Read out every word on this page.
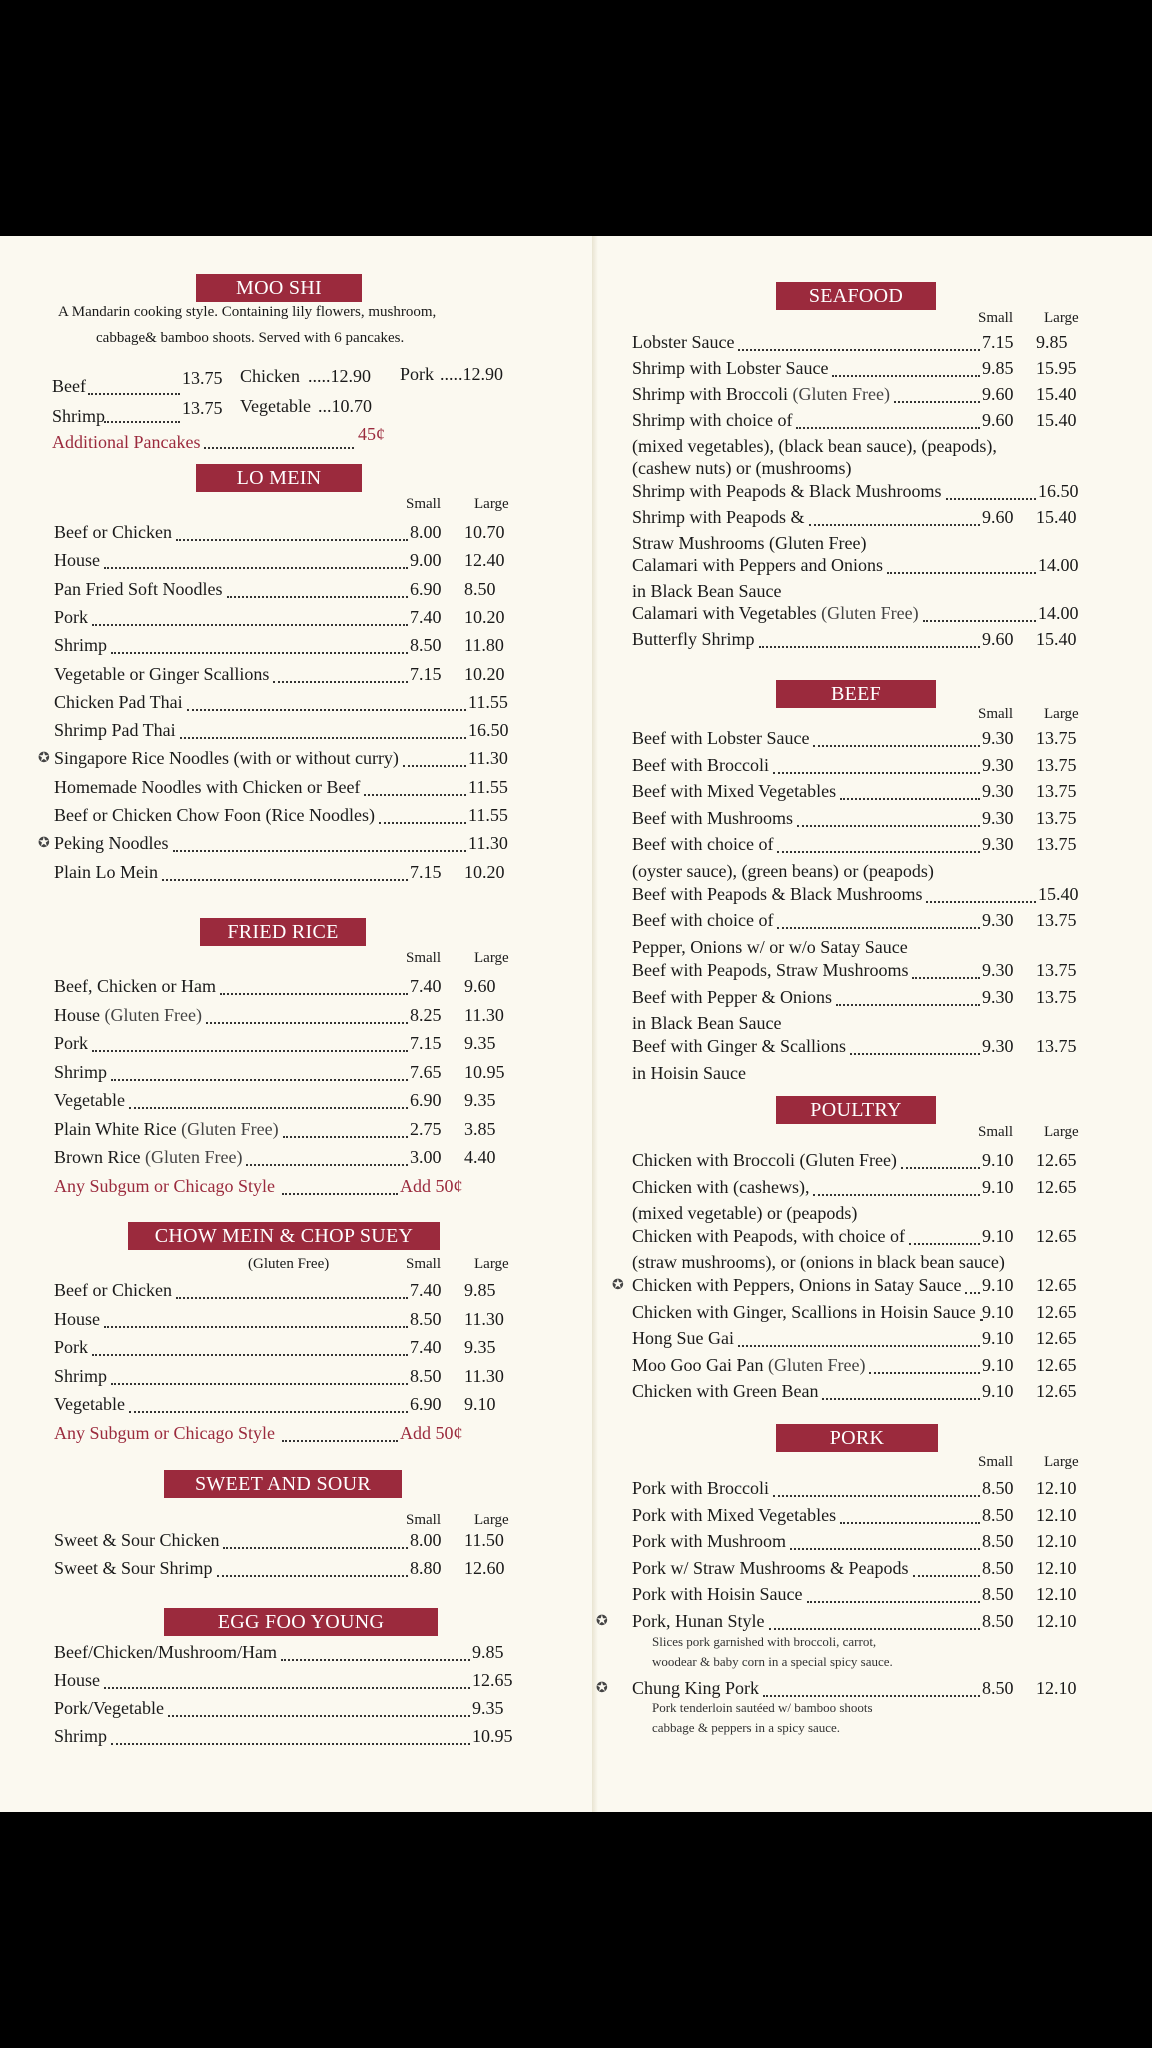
MOO SHI
A Mandarin cooking style. Containing lily flowers, mushroom,
cabbage& bamboo shoots. Served with 6 pancakes.
Beef	13.75 Chicken .....12.90 Pork .....12.90
Shrimp	13.75 Vegetable ...10.70
Additional Pancakes	45¢
LO MEIN
Small Large
Beef or Chicken	8.00 10.70
House	9.00 12.40
Pan Fried Soft Noodles	6.90 8.50
Pork	7.40 10.20
Shrimp	8.50 11.80
Vegetable or Ginger Scallions	7.15 10.20
Chicken Pad Thai	11.55
Shrimp Pad Thai	16.50
✪ Singapore Rice Noodles (with or without curry)	11.30
Homemade Noodles with Chicken or Beef	11.55
Beef or Chicken Chow Foon (Rice Noodles)	11.55
✪ Peking Noodles	11.30
Plain Lo Mein	7.15 10.20
FRIED RICE
Small Large
Beef, Chicken or Ham	7.40 9.60
House (Gluten Free)	8.25 11.30
Pork	7.15 9.35
Shrimp	7.65 10.95
Vegetable	6.90 9.35
Plain White Rice (Gluten Free)	2.75 3.85
Brown Rice (Gluten Free)	3.00 4.40
Any Subgum or Chicago Style	Add 50¢
CHOW MEIN & CHOP SUEY
(Gluten Free)	Small Large
Beef or Chicken	7.40 9.85
House	8.50 11.30
Pork	7.40 9.35
Shrimp	8.50 11.30
Vegetable	6.90 9.10
Any Subgum or Chicago Style	Add 50¢
SWEET AND SOUR
Small Large
Sweet & Sour Chicken	8.00 11.50
Sweet & Sour Shrimp	8.80 12.60
EGG FOO YOUNG
Beef/Chicken/Mushroom/Ham	9.85
House	12.65
Pork/Vegetable	9.35
Shrimp	10.95
SEAFOOD
Small Large
Lobster Sauce	7.15 9.85
Shrimp with Lobster Sauce	9.85 15.95
Shrimp with Broccoli (Gluten Free)	9.60 15.40
Shrimp with choice of	9.60 15.40
(mixed vegetables), (black bean sauce), (peapods),
(cashew nuts) or (mushrooms)
Shrimp with Peapods & Black Mushrooms	16.50
Shrimp with Peapods &	9.60 15.40
Straw Mushrooms (Gluten Free)
Calamari with Peppers and Onions	14.00
in Black Bean Sauce
Calamari with Vegetables (Gluten Free)	14.00
Butterfly Shrimp	9.60 15.40
BEEF
Small Large
Beef with Lobster Sauce	9.30 13.75
Beef with Broccoli	9.30 13.75
Beef with Mixed Vegetables	9.30 13.75
Beef with Mushrooms	9.30 13.75
Beef with choice of	9.30 13.75
(oyster sauce), (green beans) or (peapods)
Beef with Peapods & Black Mushrooms	15.40
Beef with choice of	9.30 13.75
Pepper, Onions w/ or w/o Satay Sauce
Beef with Peapods, Straw Mushrooms	9.30 13.75
Beef with Pepper & Onions	9.30 13.75
in Black Bean Sauce
Beef with Ginger & Scallions	9.30 13.75
in Hoisin Sauce
POULTRY
Small Large
Chicken with Broccoli (Gluten Free)	9.10 12.65
Chicken with (cashews),	9.10 12.65
(mixed vegetable) or (peapods)
Chicken with Peapods, with choice of	9.10 12.65
(straw mushrooms), or (onions in black bean sauce)
✪ Chicken with Peppers, Onions in Satay Sauce 9.10 12.65
Chicken with Ginger, Scallions in Hoisin Sauce 9.10 12.65
Hong Sue Gai	9.10 12.65
Moo Goo Gai Pan (Gluten Free)	9.10 12.65
Chicken with Green Bean	9.10 12.65
PORK
Small Large
Pork with Broccoli	8.50 12.10
Pork with Mixed Vegetables	8.50 12.10
Pork with Mushroom	8.50 12.10
Pork w/ Straw Mushrooms & Peapods	8.50 12.10
Pork with Hoisin Sauce	8.50 12.10
✪ Pork, Hunan Style	8.50 12.10
Slices pork garnished with broccoli, carrot,
woodear & baby corn in a special spicy sauce.
✪ Chung King Pork	8.50 12.10
Pork tenderloin sautéed w/ bamboo shoots
cabbage & peppers in a spicy sauce.
